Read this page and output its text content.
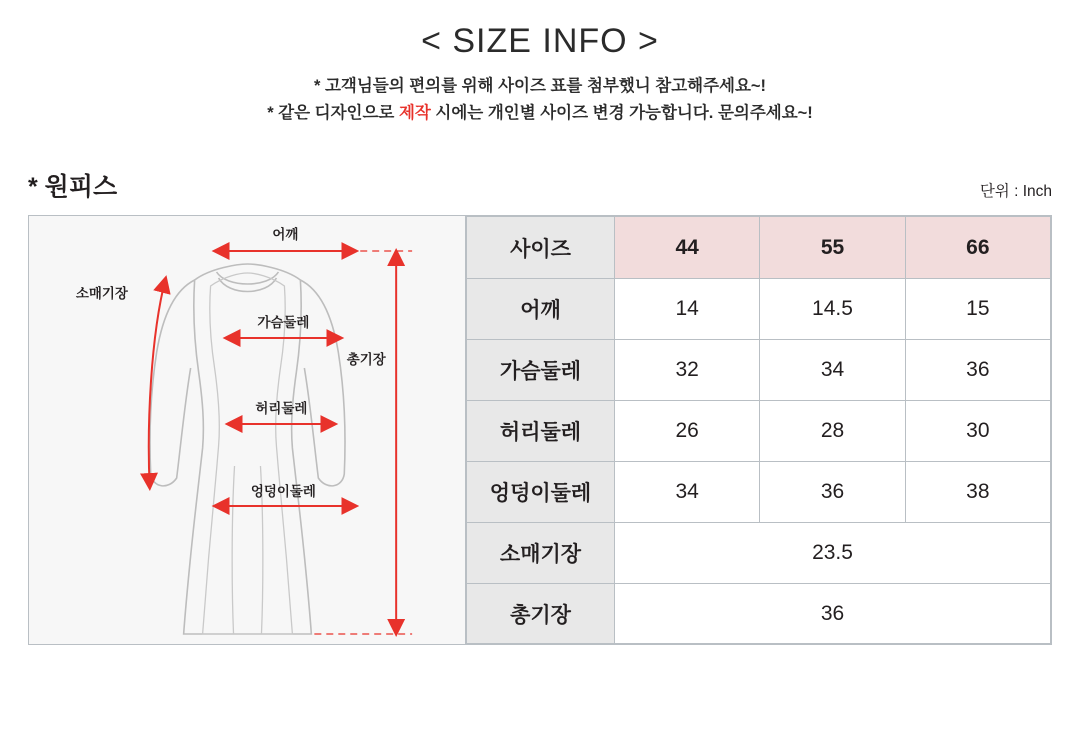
< SIZE INFO >
* 고객님들의 편의를 위해 사이즈 표를 첨부했니 참고해주세요~!
* 같은 디자인으로 제작 시에는 개인별 사이즈 변경 가능합니다. 문의주세요~!
* 원피스	단위 : Inch
어깨
소매기장
가슴둘레
허리둘레
엉덩이둘레
총기장
사이즈	44	55	66
어깨	14	14.5	15
가슴둘레	32	34	36
허리둘레	26	28	30
엉덩이둘레	34	36	38
소매기장	23.5		
총기장	36		
